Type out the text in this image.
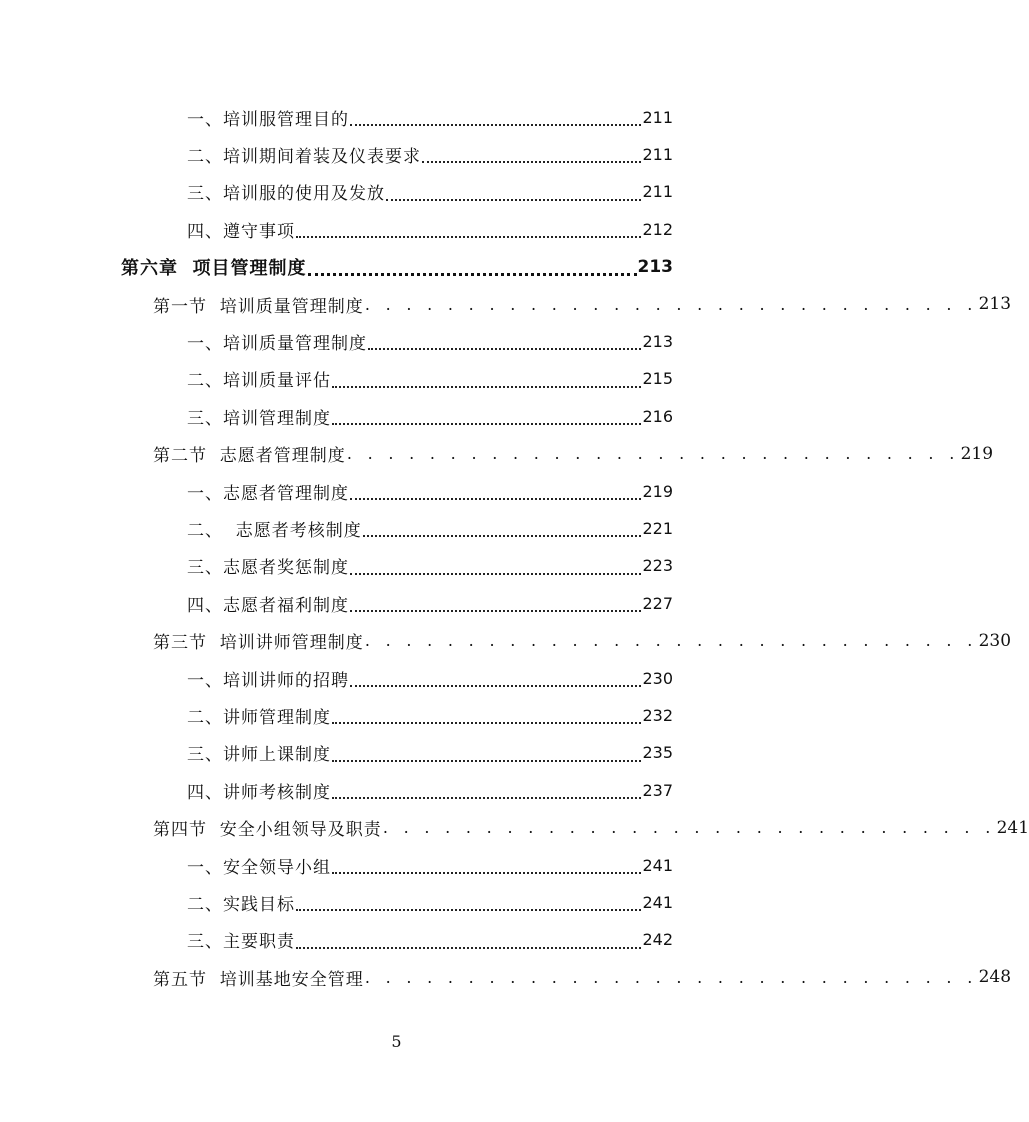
一、培训服管理目的	211
二、培训期间着装及仪表要求	211
三、培训服的使用及发放	211
四、遵守事项	212
第六章  项目管理制度	213
第一节  培训质量管理制度 . . . . . . . . . . . . . . . . . . . . . . . . . . . . . . 213
一、培训质量管理制度	213
二、培训质量评估	215
三、培训管理制度	216
第二节  志愿者管理制度 . . . . . . . . . . . . . . . . . . . . . . . . . . . . . . 219
一、志愿者管理制度	219
二、  志愿者考核制度	221
三、志愿者奖惩制度	223
四、志愿者福利制度	227
第三节  培训讲师管理制度 . . . . . . . . . . . . . . . . . . . . . . . . . . . . . . 230
一、培训讲师的招聘	230
二、讲师管理制度	232
三、讲师上课制度	235
四、讲师考核制度	237
第四节  安全小组领导及职责 . . . . . . . . . . . . . . . . . . . . . . . . . . . . . . 241
一、安全领导小组	241
二、实践目标	241
三、主要职责	242
第五节  培训基地安全管理 . . . . . . . . . . . . . . . . . . . . . . . . . . . . . . 248
5
